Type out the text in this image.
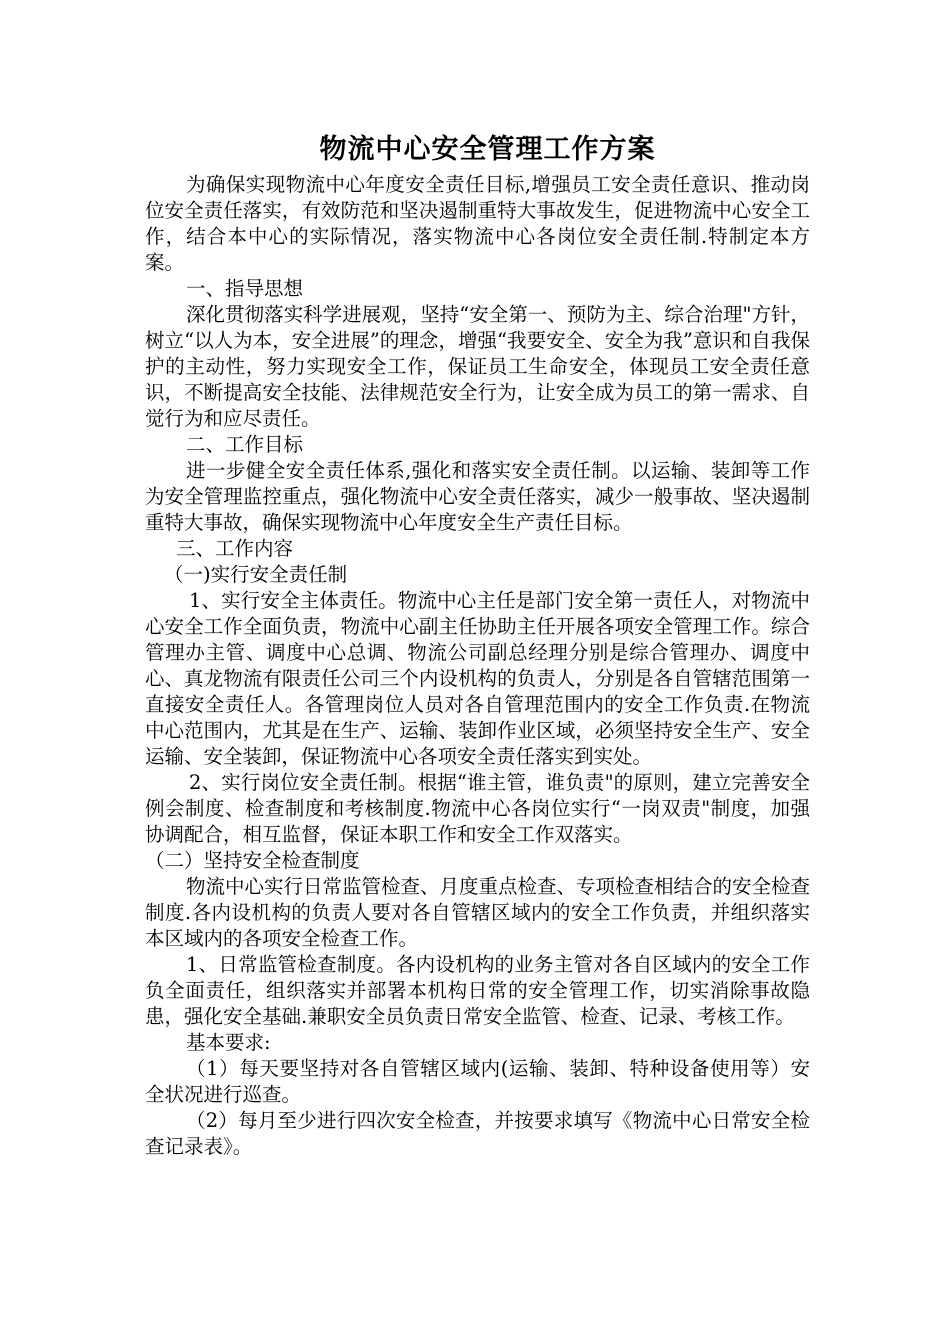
物流中心安全管理工作方案

为确保实现物流中心年度安全责任目标,增强员工安全责任意识、推动岗位安全责任落实，有效防范和坚决遏制重特大事故发生，促进物流中心安全工作，结合本中心的实际情况，落实物流中心各岗位安全责任制.特制定本方案。

一、指导思想

深化贯彻落实科学进展观，坚持“安全第一、预防为主、综合治理"方针，树立“以人为本，安全进展”的理念，增强“我要安全、安全为我”意识和自我保护的主动性，努力实现安全工作，保证员工生命安全，体现员工安全责任意识，不断提高安全技能、法律规范安全行为，让安全成为员工的第一需求、自觉行为和应尽责任。

二、工作目标

进一步健全安全责任体系,强化和落实安全责任制。以运输、装卸等工作为安全管理监控重点，强化物流中心安全责任落实，减少一般事故、坚决遏制重特大事故，确保实现物流中心年度安全生产责任目标。

三、工作内容

（一)实行安全责任制

1、实行安全主体责任。物流中心主任是部门安全第一责任人，对物流中心安全工作全面负责，物流中心副主任协助主任开展各项安全管理工作。综合管理办主管、调度中心总调、物流公司副总经理分别是综合管理办、调度中心、真龙物流有限责任公司三个内设机构的负责人，分别是各自管辖范围第一直接安全责任人。各管理岗位人员对各自管理范围内的安全工作负责.在物流中心范围内，尤其是在生产、运输、装卸作业区域，必须坚持安全生产、安全运输、安全装卸，保证物流中心各项安全责任落实到实处。

2、实行岗位安全责任制。根据“谁主管，谁负责"的原则，建立完善安全例会制度、检查制度和考核制度.物流中心各岗位实行“一岗双责"制度，加强协调配合，相互监督，保证本职工作和安全工作双落实。

（二）坚持安全检查制度

物流中心实行日常监管检查、月度重点检查、专项检查相结合的安全检查制度.各内设机构的负责人要对各自管辖区域内的安全工作负责，并组织落实本区域内的各项安全检查工作。

1、日常监管检查制度。各内设机构的业务主管对各自区域内的安全工作负全面责任，组织落实并部署本机构日常的安全管理工作，切实消除事故隐患，强化安全基础.兼职安全员负责日常安全监管、检查、记录、考核工作。

基本要求:

（1）每天要坚持对各自管辖区域内(运输、装卸、特种设备使用等）安全状况进行巡查。

（2）每月至少进行四次安全检查，并按要求填写《物流中心日常安全检查记录表》。
